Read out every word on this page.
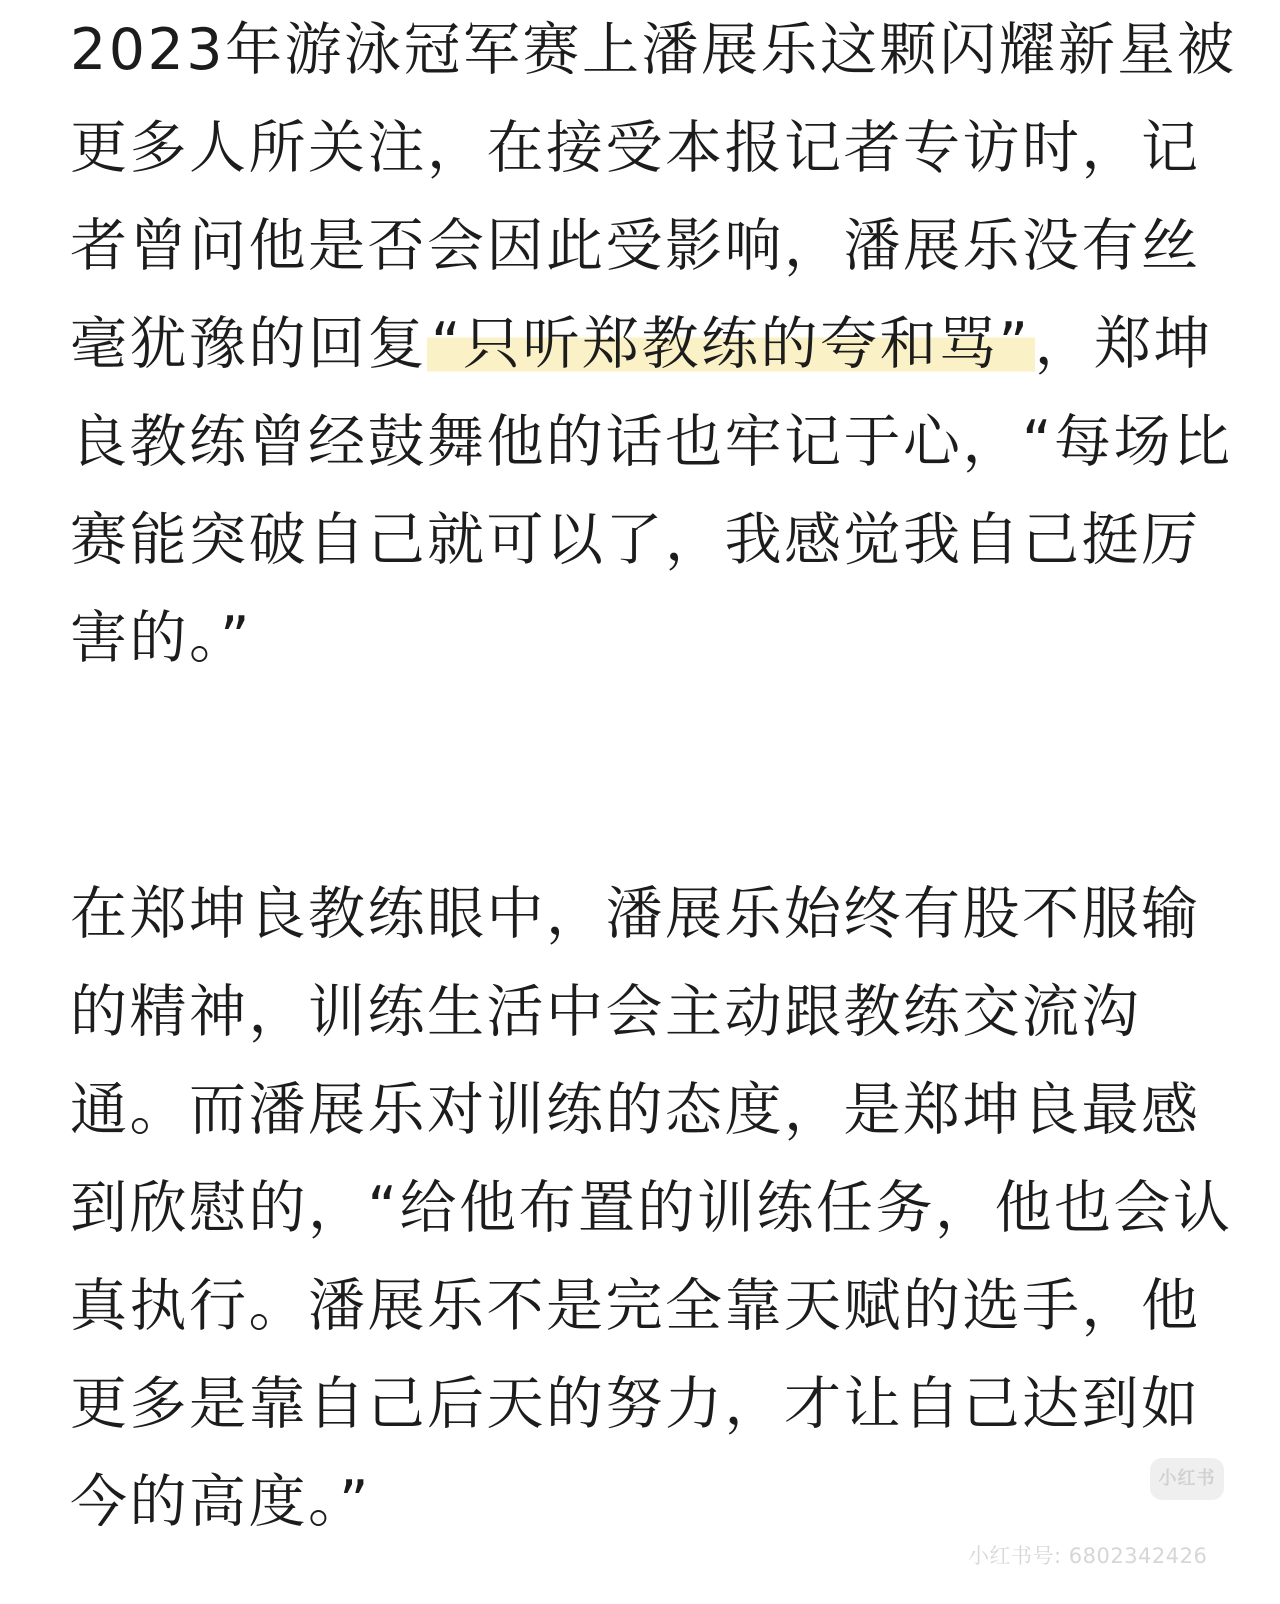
2023年游泳冠军赛上潘展乐这颗闪耀新星被
更多人所关注，在接受本报记者专访时，记
者曾问他是否会因此受影响，潘展乐没有丝
毫犹豫的回复“只听郑教练的夸和骂”，郑坤
良教练曾经鼓舞他的话也牢记于心，“每场比
赛能突破自己就可以了，我感觉我自己挺厉
害的。”

在郑坤良教练眼中，潘展乐始终有股不服输
的精神，训练生活中会主动跟教练交流沟
通。而潘展乐对训练的态度，是郑坤良最感
到欣慰的，“给他布置的训练任务，他也会认
真执行。潘展乐不是完全靠天赋的选手，他
更多是靠自己后天的努力，才让自己达到如
今的高度。”	小红书
小红书号: 6802342426
